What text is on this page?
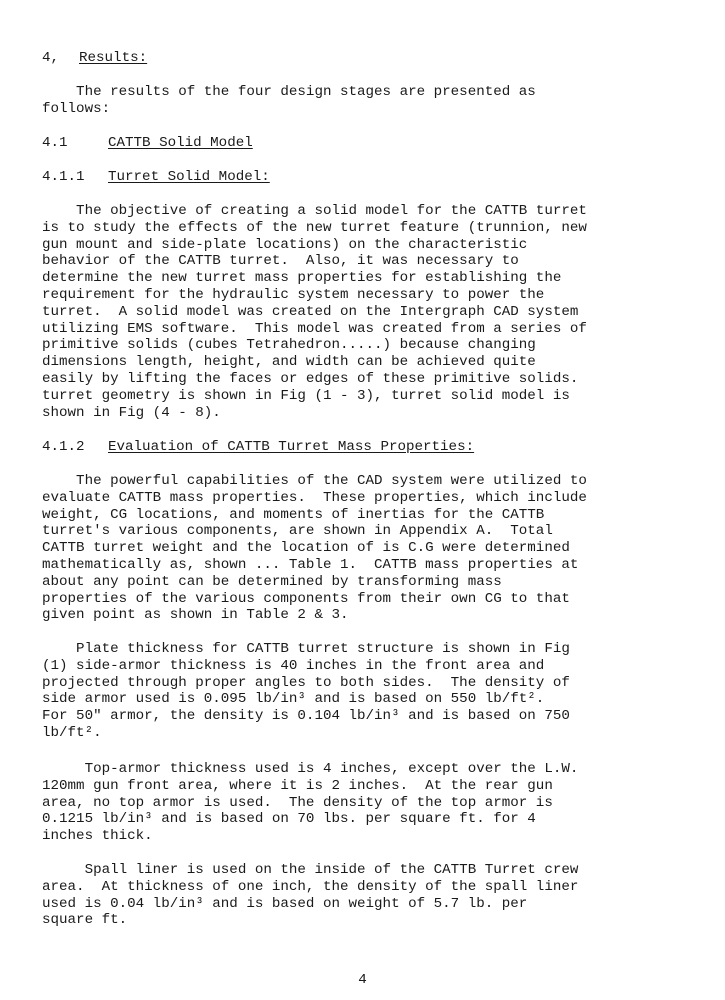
4, Results:
The results of the four design stages are presented as
follows:
4.1	CATTB Solid Model
4.1.1 Turret Solid Model:
The objective of creating a solid model for the CATTB turret
is to study the effects of the new turret feature (trunnion, new
gun mount and side-plate locations) on the characteristic
behavior of the CATTB turret.  Also, it was necessary to
determine the new turret mass properties for establishing the
requirement for the hydraulic system necessary to power the
turret.  A solid model was created on the Intergraph CAD system
utilizing EMS software.  This model was created from a series of
primitive solids (cubes Tetrahedron.....) because changing
dimensions length, height, and width can be achieved quite
easily by lifting the faces or edges of these primitive solids.
turret geometry is shown in Fig (1 - 3), turret solid model is
shown in Fig (4 - 8).
4.1.2 Evaluation of CATTB Turret Mass Properties:
The powerful capabilities of the CAD system were utilized to
evaluate CATTB mass properties.  These properties, which include
weight, CG locations, and moments of inertias for the CATTB
turret's various components, are shown in Appendix A.  Total
CATTB turret weight and the location of is C.G were determined
mathematically as, shown ... Table 1.  CATTB mass properties at
about any point can be determined by transforming mass
properties of the various components from their own CG to that
given point as shown in Table 2 & 3.
Plate thickness for CATTB turret structure is shown in Fig
(1) side-armor thickness is 40 inches in the front area and
projected through proper angles to both sides.  The density of
side armor used is 0.095 lb/in³ and is based on 550 lb/ft².
For 50" armor, the density is 0.104 lb/in³ and is based on 750
lb/ft².
Top-armor thickness used is 4 inches, except over the L.W.
120mm gun front area, where it is 2 inches.  At the rear gun
area, no top armor is used.  The density of the top armor is
0.1215 lb/in³ and is based on 70 lbs. per square ft. for 4
inches thick.
Spall liner is used on the inside of the CATTB Turret crew
area.  At thickness of one inch, the density of the spall liner
used is 0.04 lb/in³ and is based on weight of 5.7 lb. per
square ft.
4
